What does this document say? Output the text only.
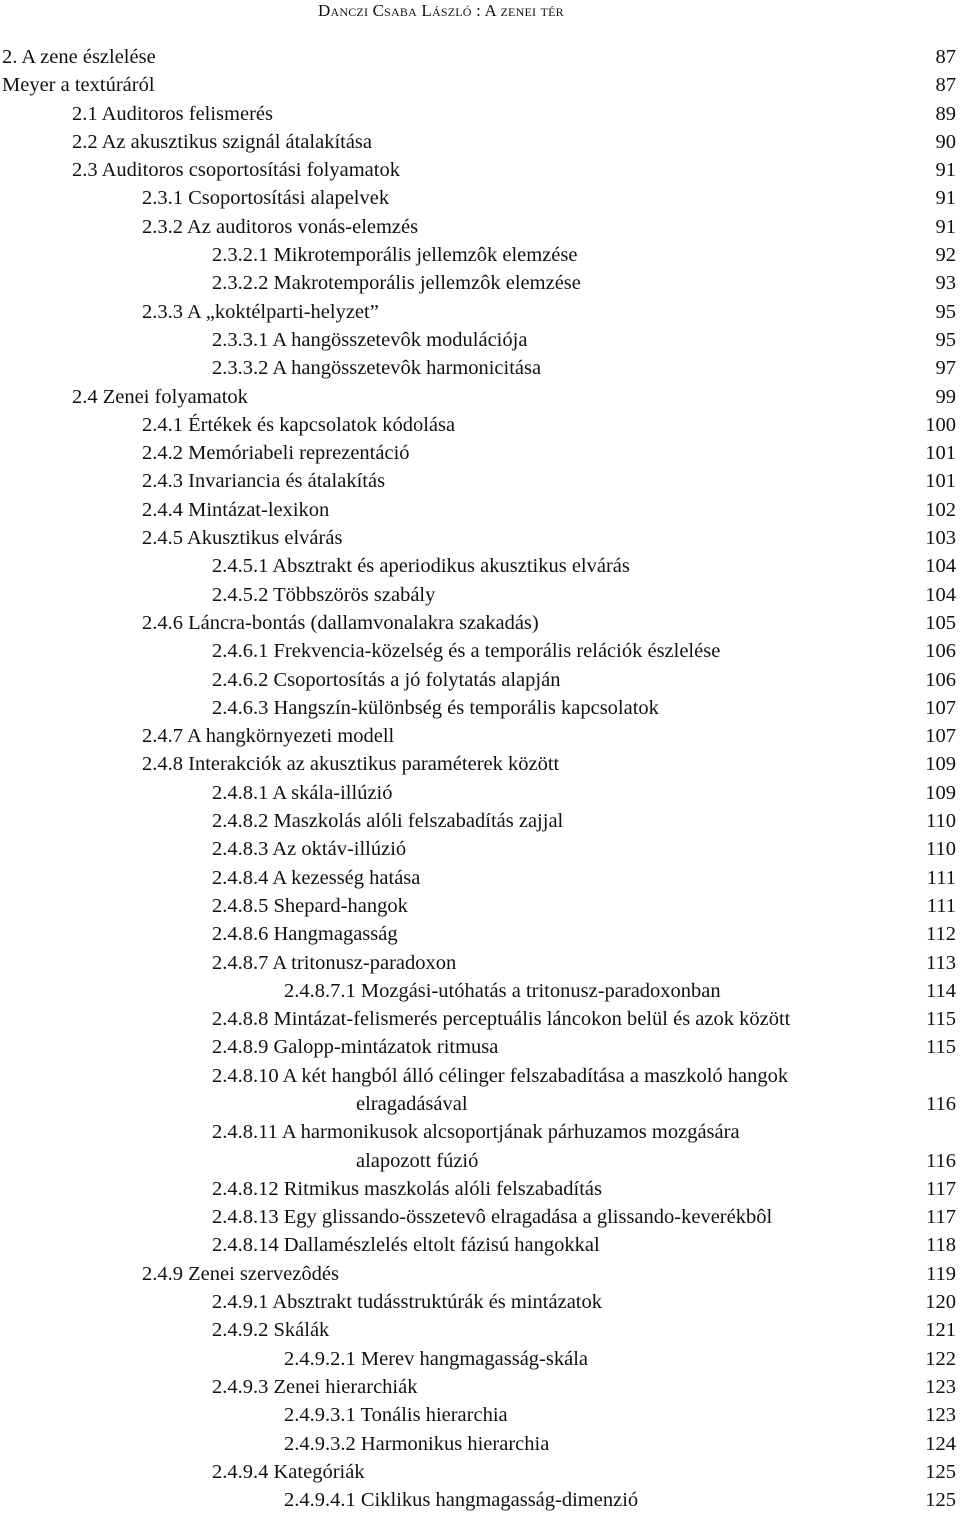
Danczi Csaba László : A zenei tér
2. A zene észlelése	87
Meyer a textúráról	87
2.1 Auditoros felismerés	89
2.2 Az akusztikus szignál átalakítása	90
2.3 Auditoros csoportosítási folyamatok	91
2.3.1 Csoportosítási alapelvek	91
2.3.2 Az auditoros vonás-elemzés	91
2.3.2.1 Mikrotemporális jellemzôk elemzése	92
2.3.2.2 Makrotemporális jellemzôk elemzése	93
2.3.3 A „koktélparti-helyzet”	95
2.3.3.1 A hangösszetevôk modulációja	95
2.3.3.2 A hangösszetevôk harmonicitása	97
2.4 Zenei folyamatok	99
2.4.1 Értékek és kapcsolatok kódolása	100
2.4.2 Memóriabeli reprezentáció	101
2.4.3 Invariancia és átalakítás	101
2.4.4 Mintázat-lexikon	102
2.4.5 Akusztikus elvárás	103
2.4.5.1 Absztrakt és aperiodikus akusztikus elvárás	104
2.4.5.2 Többszörös szabály	104
2.4.6 Láncra-bontás (dallamvonalakra szakadás)	105
2.4.6.1 Frekvencia-közelség és a temporális relációk észlelése	106
2.4.6.2 Csoportosítás a jó folytatás alapján	106
2.4.6.3 Hangszín-különbség és temporális kapcsolatok	107
2.4.7 A hangkörnyezeti modell	107
2.4.8 Interakciók az akusztikus paraméterek között	109
2.4.8.1 A skála-illúzió	109
2.4.8.2 Maszkolás alóli felszabadítás zajjal	110
2.4.8.3 Az oktáv-illúzió	110
2.4.8.4 A kezesség hatása	111
2.4.8.5 Shepard-hangok	111
2.4.8.6 Hangmagasság	112
2.4.8.7 A tritonusz-paradoxon	113
2.4.8.7.1 Mozgási-utóhatás a tritonusz-paradoxonban	114
2.4.8.8 Mintázat-felismerés perceptuális láncokon belül és azok között	115
2.4.8.9 Galopp-mintázatok ritmusa	115
2.4.8.10 A két hangból álló célinger felszabadítása a maszkoló hangok
elragadásával	116
2.4.8.11 A harmonikusok alcsoportjának párhuzamos mozgására
alapozott fúzió	116
2.4.8.12 Ritmikus maszkolás alóli felszabadítás	117
2.4.8.13 Egy glissando-összetevô elragadása a glissando-keverékbôl	117
2.4.8.14 Dallamészlelés eltolt fázisú hangokkal	118
2.4.9 Zenei szervezôdés	119
2.4.9.1 Absztrakt tudásstruktúrák és mintázatok	120
2.4.9.2 Skálák	121
2.4.9.2.1 Merev hangmagasság-skála	122
2.4.9.3 Zenei hierarchiák	123
2.4.9.3.1 Tonális hierarchia	123
2.4.9.3.2 Harmonikus hierarchia	124
2.4.9.4 Kategóriák	125
2.4.9.4.1 Ciklikus hangmagasság-dimenzió	125
